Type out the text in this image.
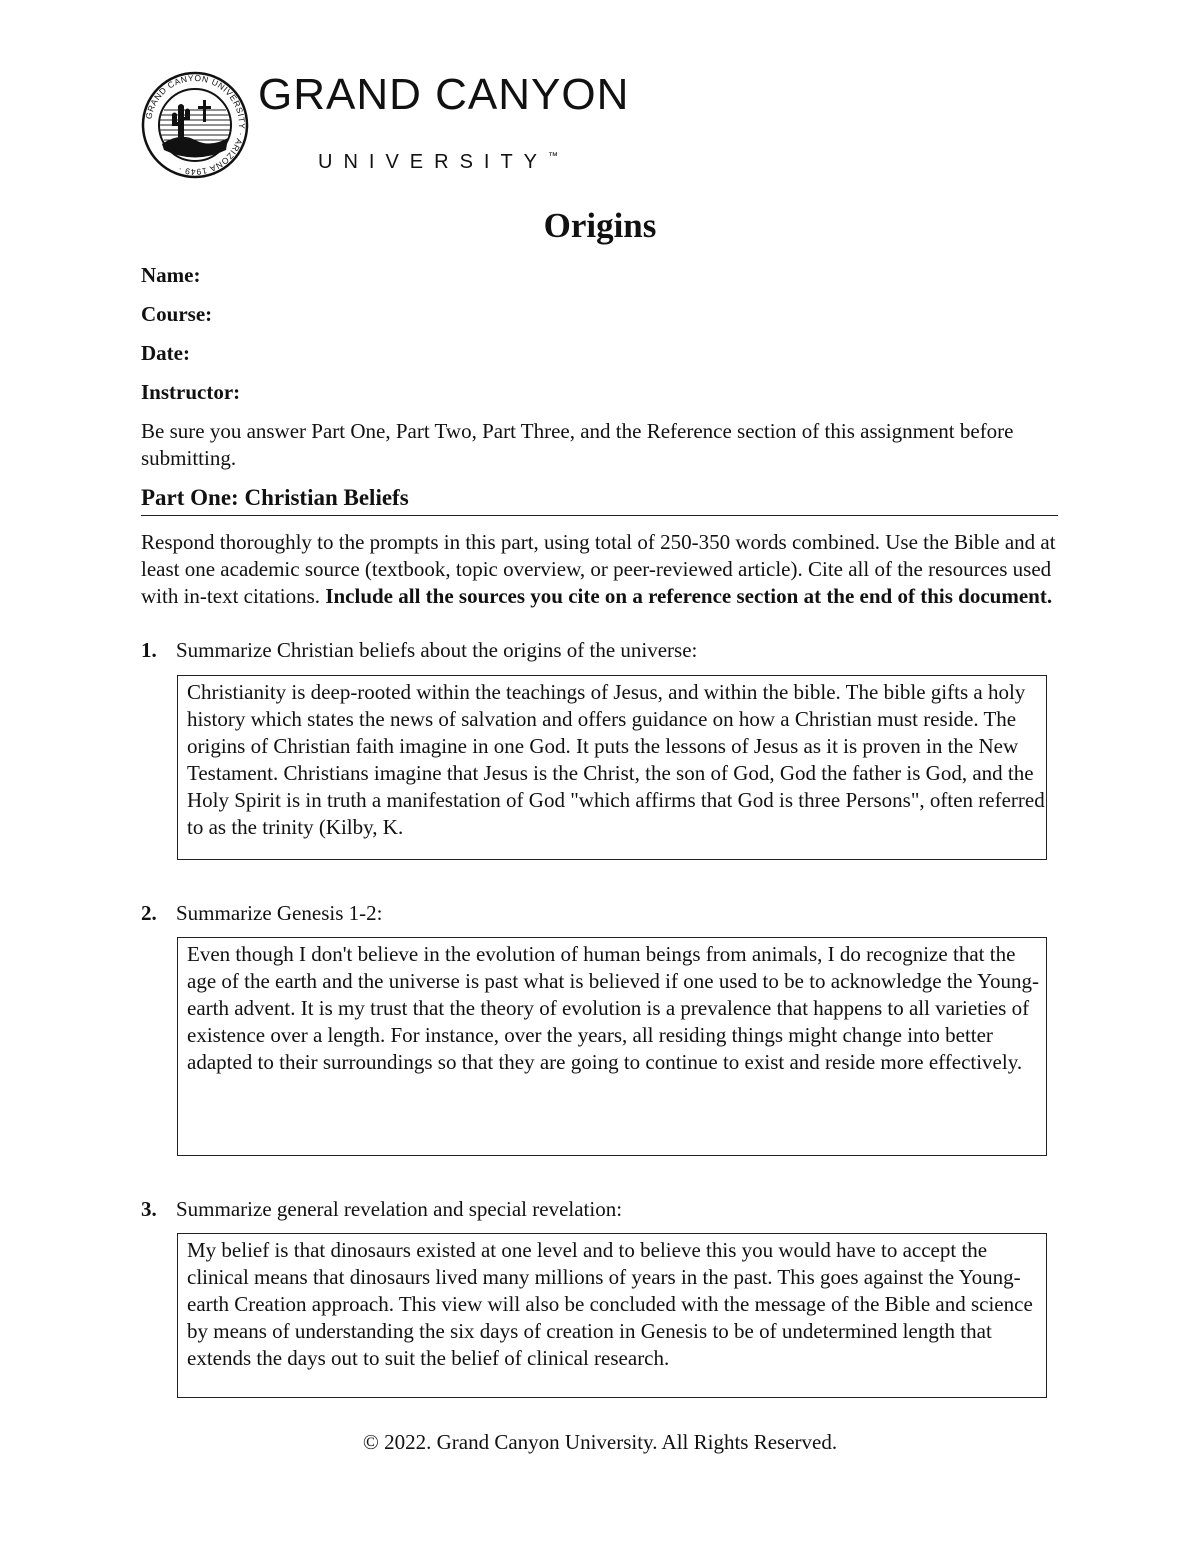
GRAND CANYON UNIVERSITY · ARIZONA 1949 ·
GRAND CANYON
UNIVERSITY™
Origins
Name:
Course:
Date:
Instructor:
Be sure you answer Part One, Part Two, Part Three, and the Reference section of this assignment before submitting.
Part One: Christian Beliefs
Respond thoroughly to the prompts in this part, using total of 250-350 words combined. Use the Bible and at least one academic source (textbook, topic overview, or peer-reviewed article). Cite all of the resources used with in-text citations. Include all the sources you cite on a reference section at the end of this document.
1. Summarize Christian beliefs about the origins of the universe:
Christianity is deep-rooted within the teachings of Jesus, and within the bible. The bible gifts a holy history which states the news of salvation and offers guidance on how a Christian must reside. The origins of Christian faith imagine in one God. It puts the lessons of Jesus as it is proven in the New Testament. Christians imagine that Jesus is the Christ, the son of God, God the father is God, and the Holy Spirit is in truth a manifestation of God "which affirms that God is three Persons", often referred to as the trinity (Kilby, K.
2. Summarize Genesis 1-2:
Even though I don't believe in the evolution of human beings from animals, I do recognize that the age of the earth and the universe is past what is believed if one used to be to acknowledge the Young-earth advent. It is my trust that the theory of evolution is a prevalence that happens to all varieties of existence over a length. For instance, over the years, all residing things might change into better adapted to their surroundings so that they are going to continue to exist and reside more effectively.
3. Summarize general revelation and special revelation:
My belief is that dinosaurs existed at one level and to believe this you would have to accept the clinical means that dinosaurs lived many millions of years in the past. This goes against the Young-earth Creation approach. This view will also be concluded with the message of the Bible and science by means of understanding the six days of creation in Genesis to be of undetermined length that extends the days out to suit the belief of clinical research.
© 2022. Grand Canyon University. All Rights Reserved.
